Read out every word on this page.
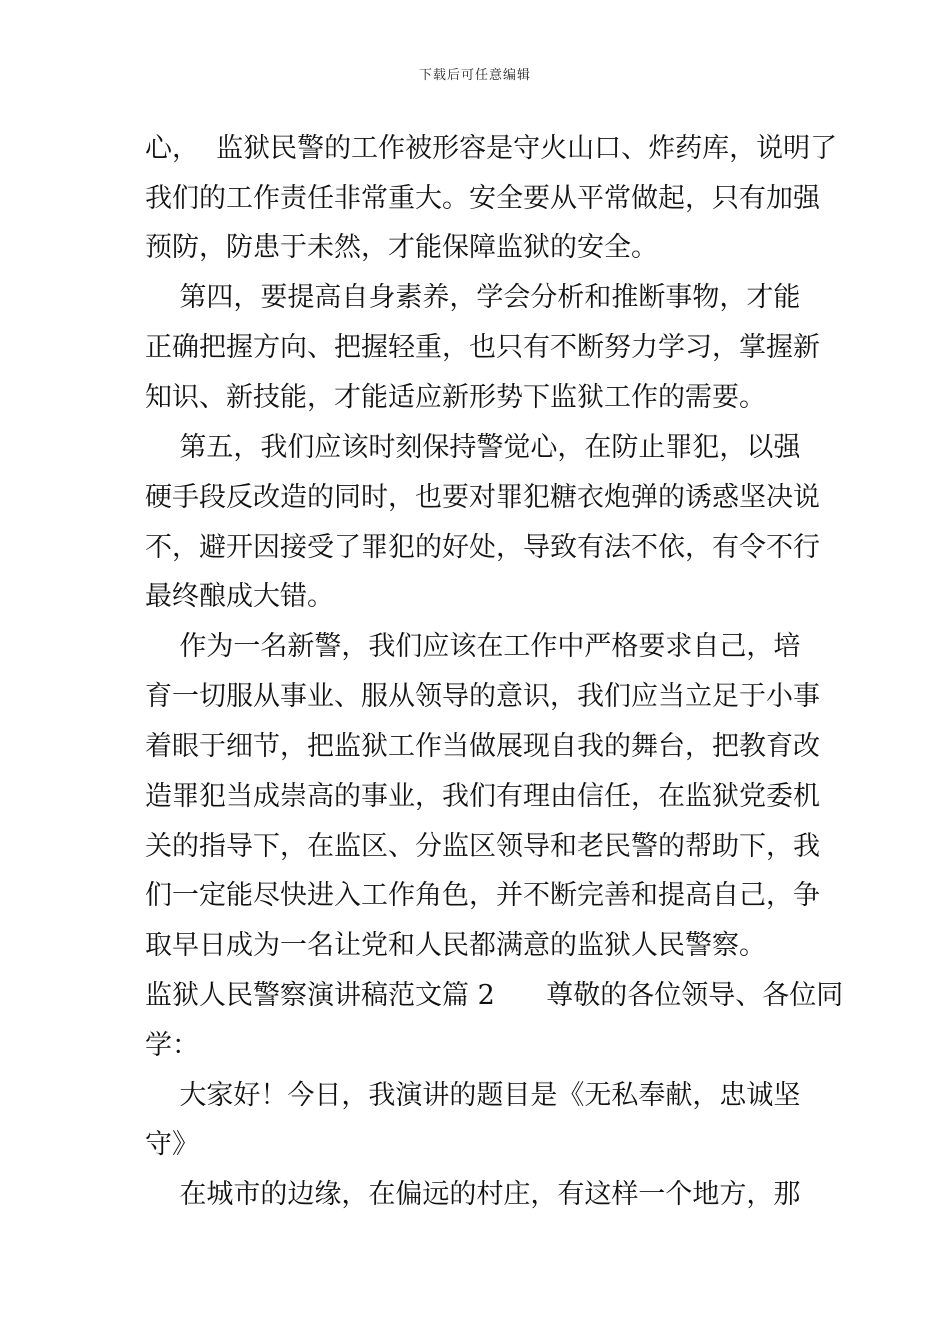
下载后可任意编辑
心，  监狱民警的工作被形容是守火山口、炸药库，说明了
我们的工作责任非常重大。安全要从平常做起，只有加强
预防，防患于未然，才能保障监狱的安全。
第四，要提高自身素养，学会分析和推断事物，才能
正确把握方向、把握轻重，也只有不断努力学习，掌握新
知识、新技能，才能适应新形势下监狱工作的需要。
第五，我们应该时刻保持警觉心，在防止罪犯，以强
硬手段反改造的同时，也要对罪犯糖衣炮弹的诱惑坚决说
不，避开因接受了罪犯的好处，导致有法不依，有令不行
最终酿成大错。
作为一名新警，我们应该在工作中严格要求自己，培
育一切服从事业、服从领导的意识，我们应当立足于小事
着眼于细节，把监狱工作当做展现自我的舞台，把教育改
造罪犯当成崇高的事业，我们有理由信任，在监狱党委机
关的指导下，在监区、分监区领导和老民警的帮助下，我
们一定能尽快进入工作角色，并不断完善和提高自己，争
取早日成为一名让党和人民都满意的监狱人民警察。
监狱人民警察演讲稿范文篇 2      尊敬的各位领导、各位同
学：
大家好！今日，我演讲的题目是《无私奉献，忠诚坚
守》
在城市的边缘，在偏远的村庄，有这样一个地方，那
